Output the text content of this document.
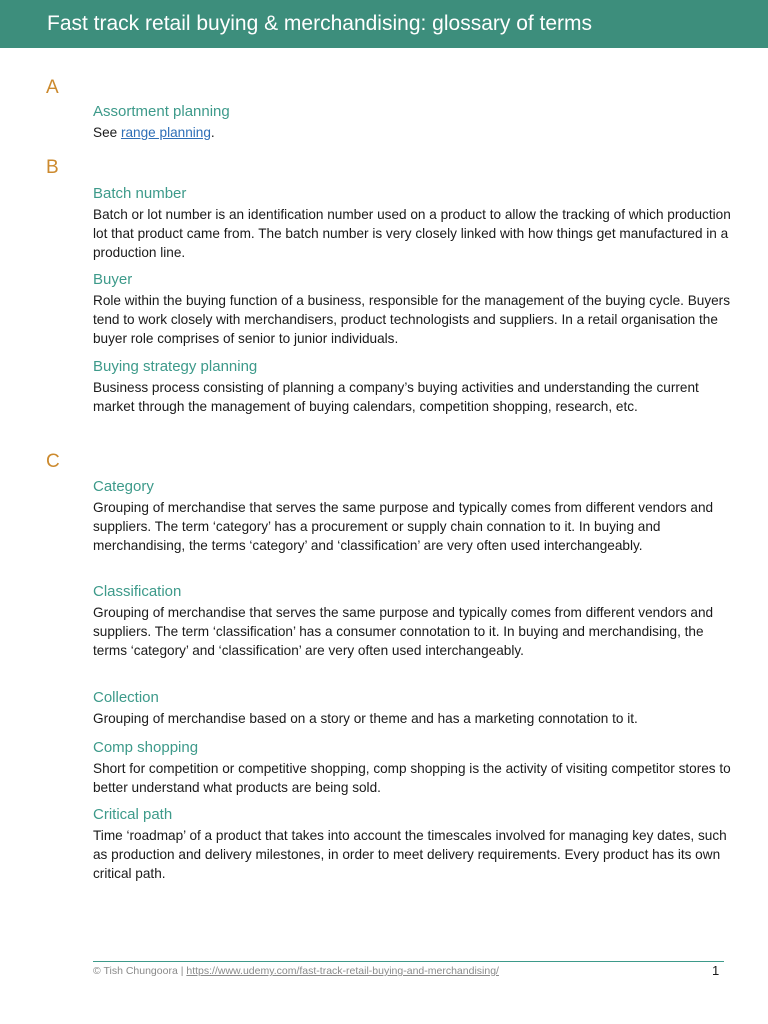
Fast track retail buying & merchandising: glossary of terms
A
Assortment planning
See range planning.
B
Batch number
Batch or lot number is an identification number used on a product to allow the tracking of which production lot that product came from. The batch number is very closely linked with how things get manufactured in a production line.
Buyer
Role within the buying function of a business, responsible for the management of the buying cycle. Buyers tend to work closely with merchandisers, product technologists and suppliers. In a retail organisation the buyer role comprises of senior to junior individuals.
Buying strategy planning
Business process consisting of planning a company’s buying activities and understanding the current market through the management of buying calendars, competition shopping, research, etc.
C
Category
Grouping of merchandise that serves the same purpose and typically comes from different vendors and suppliers. The term ‘category’ has a procurement or supply chain connation to it. In buying and merchandising, the terms ‘category’ and ‘classification’ are very often used interchangeably.
Classification
Grouping of merchandise that serves the same purpose and typically comes from different vendors and suppliers. The term ‘classification’ has a consumer connotation to it. In buying and merchandising, the terms ‘category’ and ‘classification’ are very often used interchangeably.
Collection
Grouping of merchandise based on a story or theme and has a marketing connotation to it.
Comp shopping
Short for competition or competitive shopping, comp shopping is the activity of visiting competitor stores to better understand what products are being sold.
Critical path
Time ‘roadmap’ of a product that takes into account the timescales involved for managing key dates, such as production and delivery milestones, in order to meet delivery requirements. Every product has its own critical path.
© Tish Chungoora | https://www.udemy.com/fast-track-retail-buying-and-merchandising/	1
